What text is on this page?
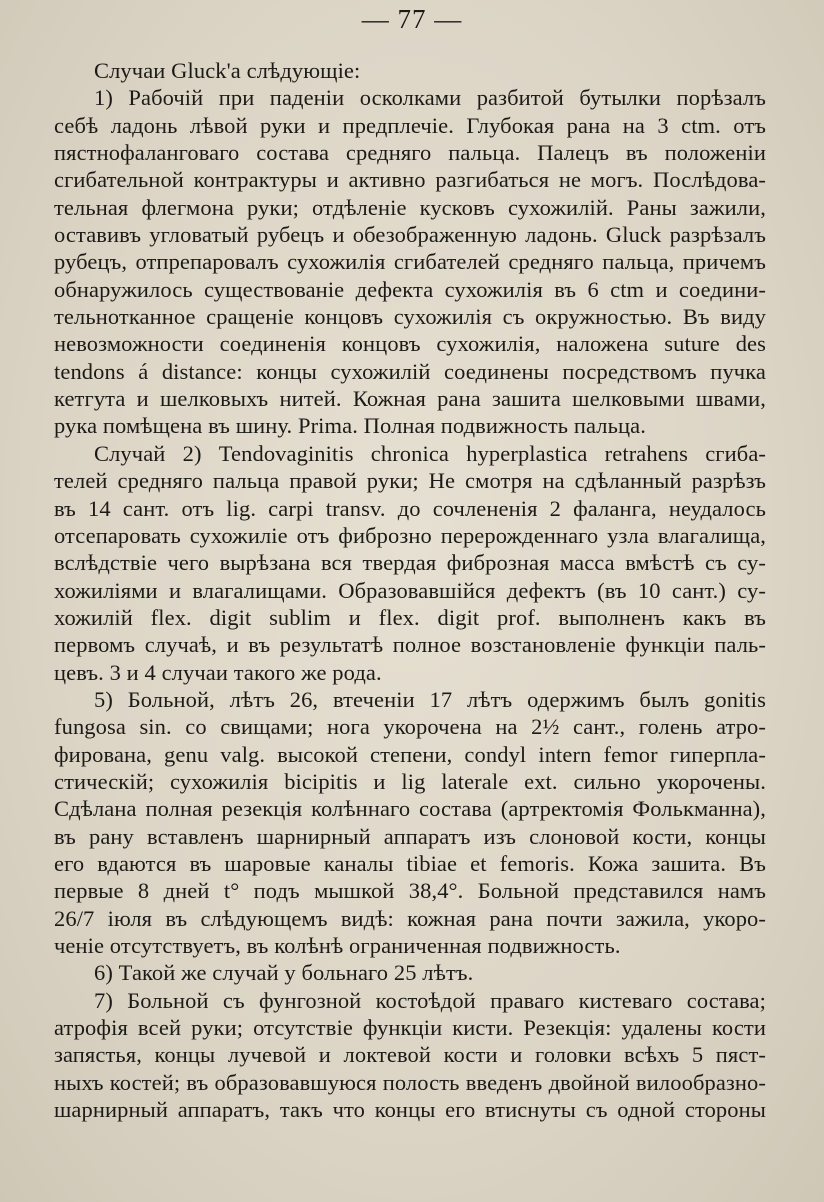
— 77 —
Случаи Gluck'а слѣдующіе:
1) Рабочій при паденіи осколками разбитой бутылки порѣзалъ
себѣ ладонь лѣвой руки и предплечіе. Глубокая рана на 3 ctm. отъ
пястнофаланговаго состава средняго пальца. Палецъ въ положеніи
сгибательной контрактуры и активно разгибаться не могъ. Послѣдова-
тельная флегмона руки; отдѣленіе кусковъ сухожилій. Раны зажили,
оставивъ угловатый рубецъ и обезображенную ладонь. Gluck разрѣзалъ
рубецъ, отпрепаровалъ сухожилія сгибателей средняго пальца, причемъ
обнаружилось существованіе дефекта сухожилія въ 6 ctm и соедини-
тельнотканное сращеніе концовъ сухожилія съ окружностью. Въ виду
невозможности соединенія концовъ сухожилія, наложена suture des
tendons á distance: концы сухожилій соединены посредствомъ пучка
кетгута и шелковыхъ нитей. Кожная рана зашита шелковыми швами,
рука помѣщена въ шину. Prima. Полная подвижность пальца.
Случай 2) Tendovaginitis chronica hyperplastica retrahens сгиба-
телей средняго пальца правой руки; Не смотря на сдѣланный разрѣзъ
въ 14 сант. отъ lig. carpi transv. до сочлененія 2 фаланга, неудалось
отсепаровать сухожиліе отъ фиброзно перерожденнаго узла влагалища,
вслѣдствіе чего вырѣзана вся твердая фиброзная масса вмѣстѣ съ су-
хожиліями и влагалищами. Образовавшійся дефектъ (въ 10 сант.) су-
хожилій flex. digit sublim и flex. digit prof. выполненъ какъ въ
первомъ случаѣ, и въ результатѣ полное возстановленіе функціи паль-
цевъ. 3 и 4 случаи такого же рода.
5) Больной, лѣтъ 26, втеченіи 17 лѣтъ одержимъ былъ gonitis
fungosa sin. со свищами; нога укорочена на 2½ сант., голень атро-
фирована, genu valg. высокой степени, condyl intern femor гиперпла-
стическій; сухожилія bicipitis и lig laterale ext. сильно укорочены.
Сдѣлана полная резекція колѣннаго состава (артректомія Фолькманна),
въ рану вставленъ шарнирный аппаратъ изъ слоновой кости, концы
его вдаются въ шаровые каналы tibiae et femoris. Кожа зашита. Въ
первые 8 дней t° подъ мышкой 38,4°. Больной представился намъ
26/7 іюля въ слѣдующемъ видѣ: кожная рана почти зажила, укоро-
ченіе отсутствуетъ, въ колѣнѣ ограниченная подвижность.
6) Такой же случай у больнаго 25 лѣтъ.
7) Больной съ фунгозной костоѣдой праваго кистеваго состава;
атрофія всей руки; отсутствіе функціи кисти. Резекція: удалены кости
запястья, концы лучевой и локтевой кости и головки всѣхъ 5 пяст-
ныхъ костей; въ образовавшуюся полость введенъ двойной вилообразно-
шарнирный аппаратъ, такъ что концы его втиснуты съ одной стороны
